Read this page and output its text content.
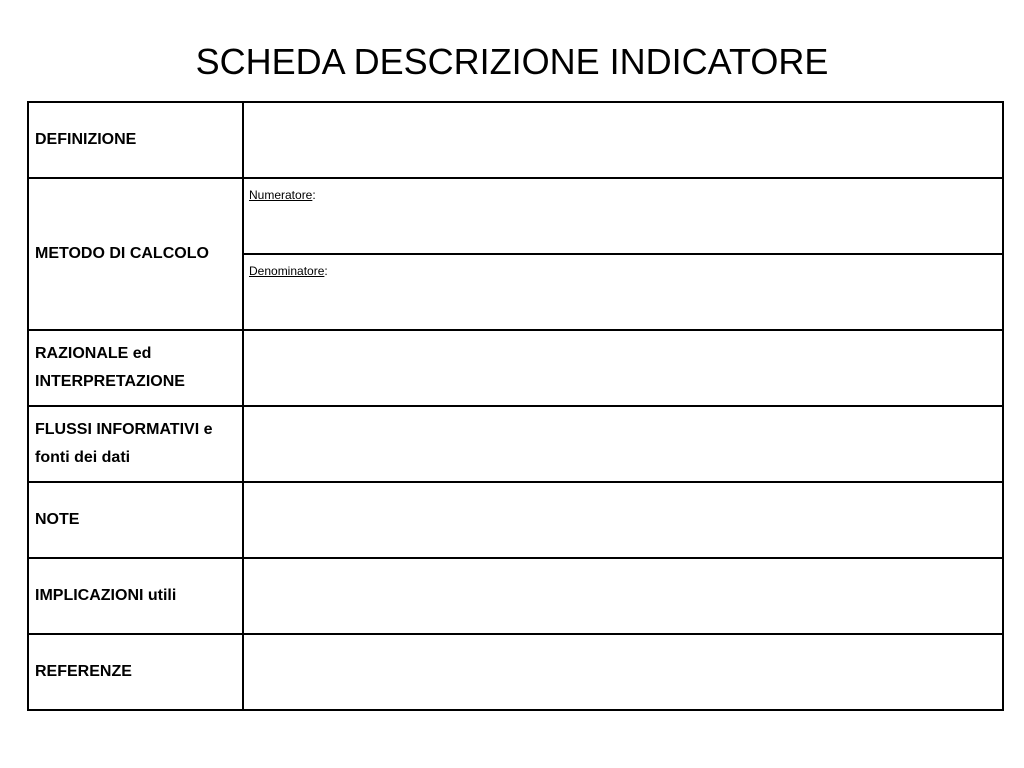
SCHEDA DESCRIZIONE INDICATORE
DEFINIZIONE	
METODO DI CALCOLO	Numeratore:
	Denominatore:
RAZIONALE ed INTERPRETAZIONE	
FLUSSI INFORMATIVI e fonti dei dati	
NOTE	
IMPLICAZIONI utili	
REFERENZE	
